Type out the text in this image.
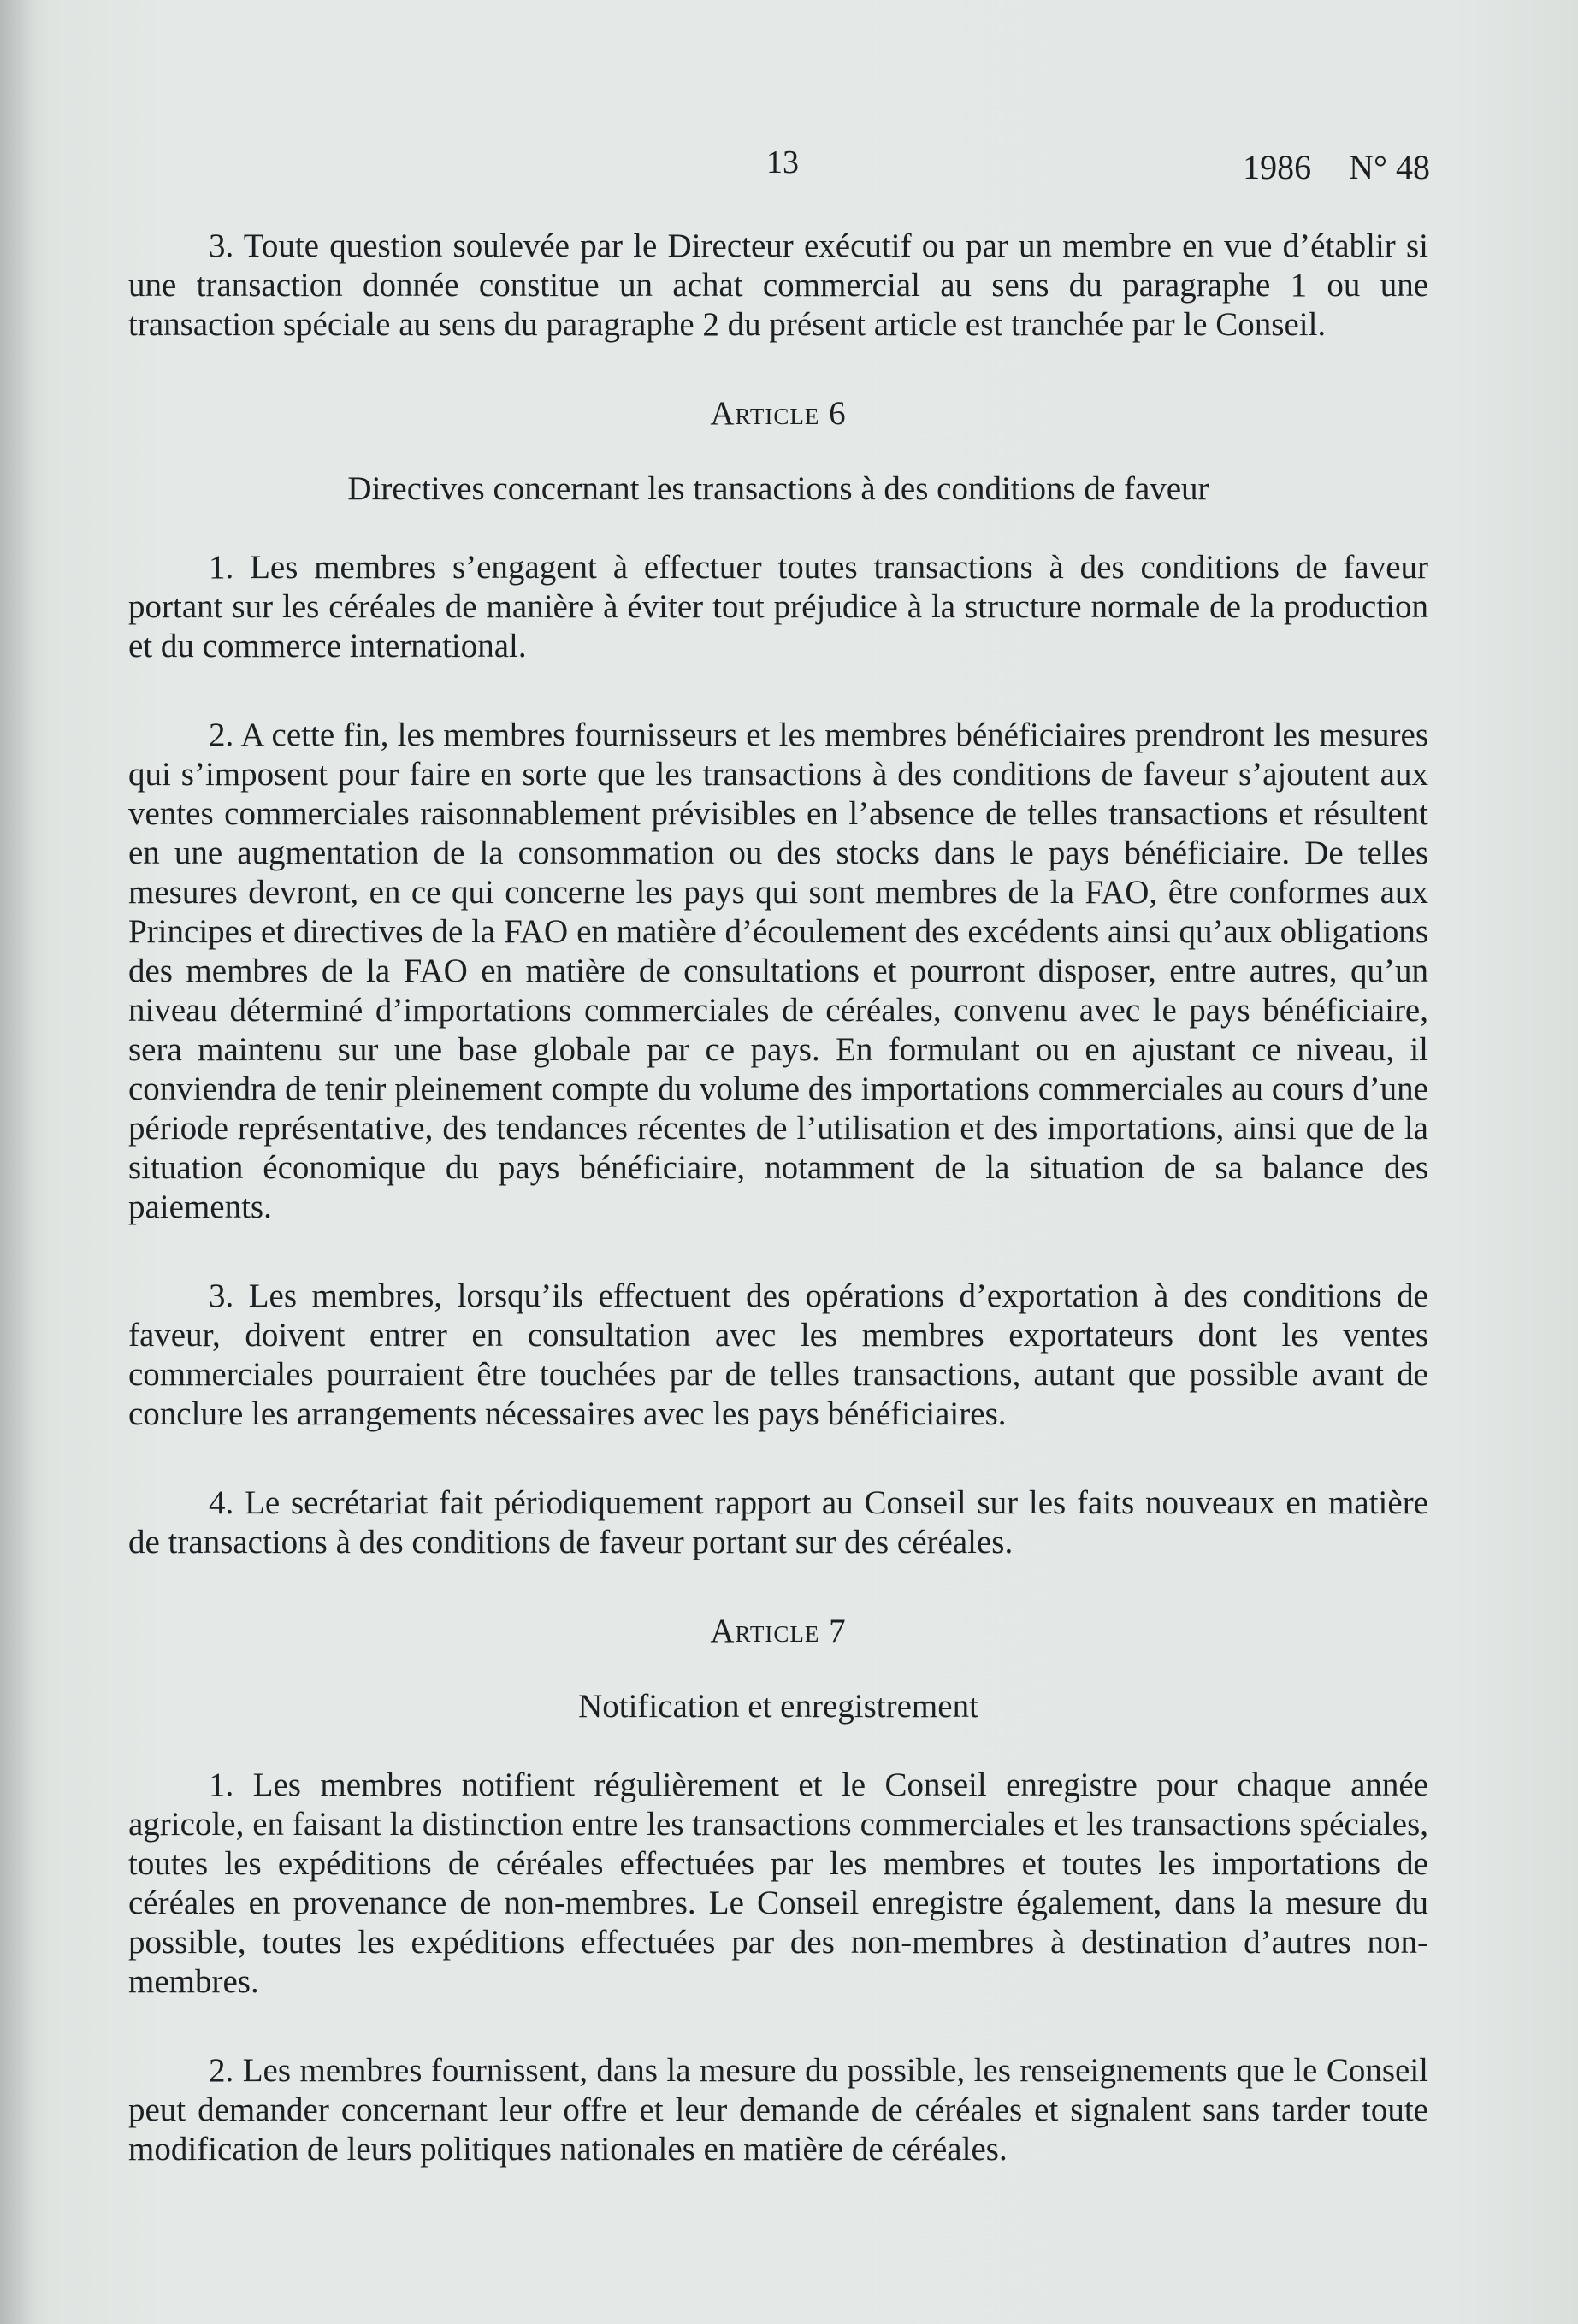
13	1986 N° 48

3. Toute question soulevée par le Directeur exécutif ou par un membre en vue d’établir si une transaction donnée constitue un achat commercial au sens du paragraphe 1 ou une transaction spéciale au sens du paragraphe 2 du présent article est tranchée par le Conseil.

Article 6

Directives concernant les transactions à des conditions de faveur

1. Les membres s’engagent à effectuer toutes transactions à des conditions de faveur portant sur les céréales de manière à éviter tout préjudice à la structure normale de la production et du commerce international.

2. A cette fin, les membres fournisseurs et les membres bénéficiaires prendront les mesures qui s’imposent pour faire en sorte que les transactions à des conditions de faveur s’ajoutent aux ventes commerciales raisonnablement prévisibles en l’absence de telles transactions et résultent en une augmentation de la consommation ou des stocks dans le pays bénéficiaire. De telles mesures devront, en ce qui concerne les pays qui sont membres de la FAO, être conformes aux Principes et directives de la FAO en matière d’écoulement des excédents ainsi qu’aux obligations des membres de la FAO en matière de consultations et pourront disposer, entre autres, qu’un niveau déterminé d’importations commerciales de céréales, convenu avec le pays bénéficiaire, sera maintenu sur une base globale par ce pays. En formulant ou en ajustant ce niveau, il conviendra de tenir pleinement compte du volume des importations commerciales au cours d’une période représentative, des tendances récentes de l’utilisation et des importations, ainsi que de la situation économique du pays bénéficiaire, notamment de la situation de sa balance des paiements.

3. Les membres, lorsqu’ils effectuent des opérations d’exportation à des conditions de faveur, doivent entrer en consultation avec les membres exportateurs dont les ventes commerciales pourraient être touchées par de telles transactions, autant que possible avant de conclure les arrangements nécessaires avec les pays bénéficiaires.

4. Le secrétariat fait périodiquement rapport au Conseil sur les faits nouveaux en matière de transactions à des conditions de faveur portant sur des céréales.

Article 7

Notification et enregistrement

1. Les membres notifient régulièrement et le Conseil enregistre pour chaque année agricole, en faisant la distinction entre les transactions commerciales et les transactions spéciales, toutes les expéditions de céréales effectuées par les membres et toutes les importations de céréales en provenance de non-membres. Le Conseil enregistre également, dans la mesure du possible, toutes les expéditions effectuées par des non-membres à destination d’autres non-membres.

2. Les membres fournissent, dans la mesure du possible, les renseignements que le Conseil peut demander concernant leur offre et leur demande de céréales et signalent sans tarder toute modification de leurs politiques nationales en matière de céréales.
